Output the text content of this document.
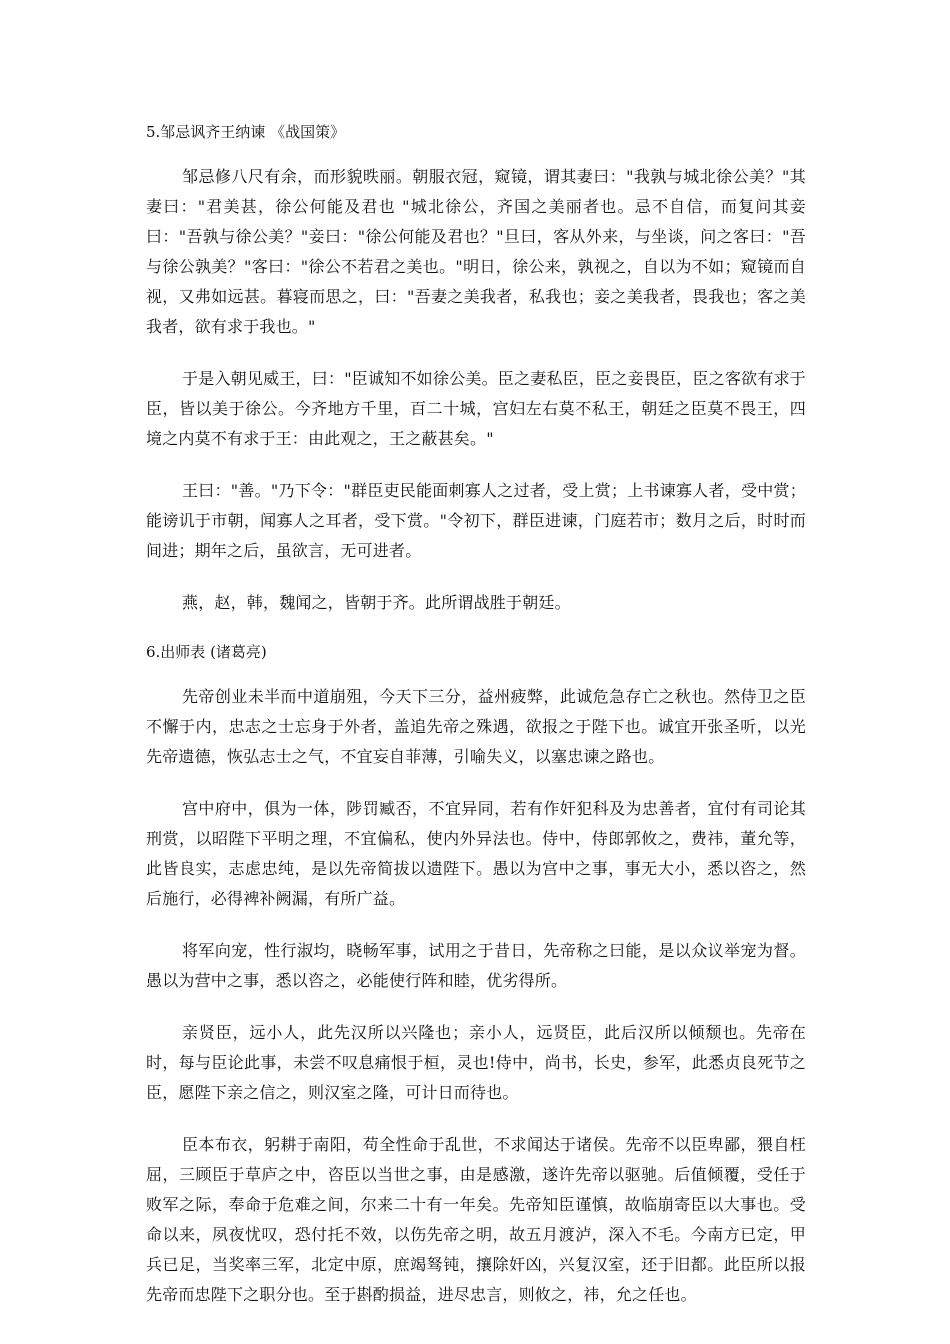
5.邹忌讽齐王纳谏 《战国策》

邹忌修八尺有余，而形貌昳丽。朝服衣冠，窥镜，谓其妻曰："我孰与城北徐公美？"其妻曰："君美甚，徐公何能及君也 "城北徐公，齐国之美丽者也。忌不自信，而复问其妾曰："吾孰与徐公美？"妾曰："徐公何能及君也？"旦曰，客从外来，与坐谈，问之客曰："吾与徐公孰美？"客曰："徐公不若君之美也。"明日，徐公来，孰视之，自以为不如；窥镜而自视，又弗如远甚。暮寝而思之，曰："吾妻之美我者，私我也；妾之美我者，畏我也；客之美我者，欲有求于我也。"

于是入朝见威王，曰："臣诚知不如徐公美。臣之妻私臣，臣之妾畏臣，臣之客欲有求于臣，皆以美于徐公。今齐地方千里，百二十城，宫妇左右莫不私王，朝廷之臣莫不畏王，四境之内莫不有求于王：由此观之，王之蔽甚矣。"

王曰："善。"乃下令："群臣吏民能面刺寡人之过者，受上赏；上书谏寡人者，受中赏；能谤讥于市朝，闻寡人之耳者，受下赏。"令初下，群臣进谏，门庭若市；数月之后，时时而间进；期年之后，虽欲言，无可进者。

燕，赵，韩，魏闻之，皆朝于齐。此所谓战胜于朝廷。

6.出师表 (诸葛亮)

先帝创业未半而中道崩殂，今天下三分，益州疲弊，此诚危急存亡之秋也。然侍卫之臣不懈于内，忠志之士忘身于外者，盖追先帝之殊遇，欲报之于陛下也。诚宜开张圣听，以光先帝遗德，恢弘志士之气，不宜妄自菲薄，引喻失义，以塞忠谏之路也。

宫中府中，俱为一体，陟罚臧否，不宜异同，若有作奸犯科及为忠善者，宜付有司论其刑赏，以昭陛下平明之理，不宜偏私，使内外异法也。侍中，侍郎郭攸之，费祎，董允等，此皆良实，志虑忠纯，是以先帝简拔以遗陛下。愚以为宫中之事，事无大小，悉以咨之，然后施行，必得裨补阙漏，有所广益。

将军向宠，性行淑均，晓畅军事，试用之于昔日，先帝称之曰能，是以众议举宠为督。愚以为营中之事，悉以咨之，必能使行阵和睦，优劣得所。

亲贤臣，远小人，此先汉所以兴隆也；亲小人，远贤臣，此后汉所以倾颓也。先帝在时，每与臣论此事，未尝不叹息痛恨于桓，灵也!侍中，尚书，长史，参军，此悉贞良死节之臣，愿陛下亲之信之，则汉室之隆，可计日而待也。

臣本布衣，躬耕于南阳，苟全性命于乱世，不求闻达于诸侯。先帝不以臣卑鄙，猥自枉屈，三顾臣于草庐之中，咨臣以当世之事，由是感激，遂许先帝以驱驰。后值倾覆，受任于败军之际，奉命于危难之间，尔来二十有一年矣。先帝知臣谨慎，故临崩寄臣以大事也。受命以来，夙夜忧叹，恐付托不效，以伤先帝之明，故五月渡泸，深入不毛。今南方已定，甲兵已足，当奖率三军，北定中原，庶竭驽钝，攘除奸凶，兴复汉室，还于旧都。此臣所以报先帝而忠陛下之职分也。至于斟酌损益，进尽忠言，则攸之，祎，允之任也。
